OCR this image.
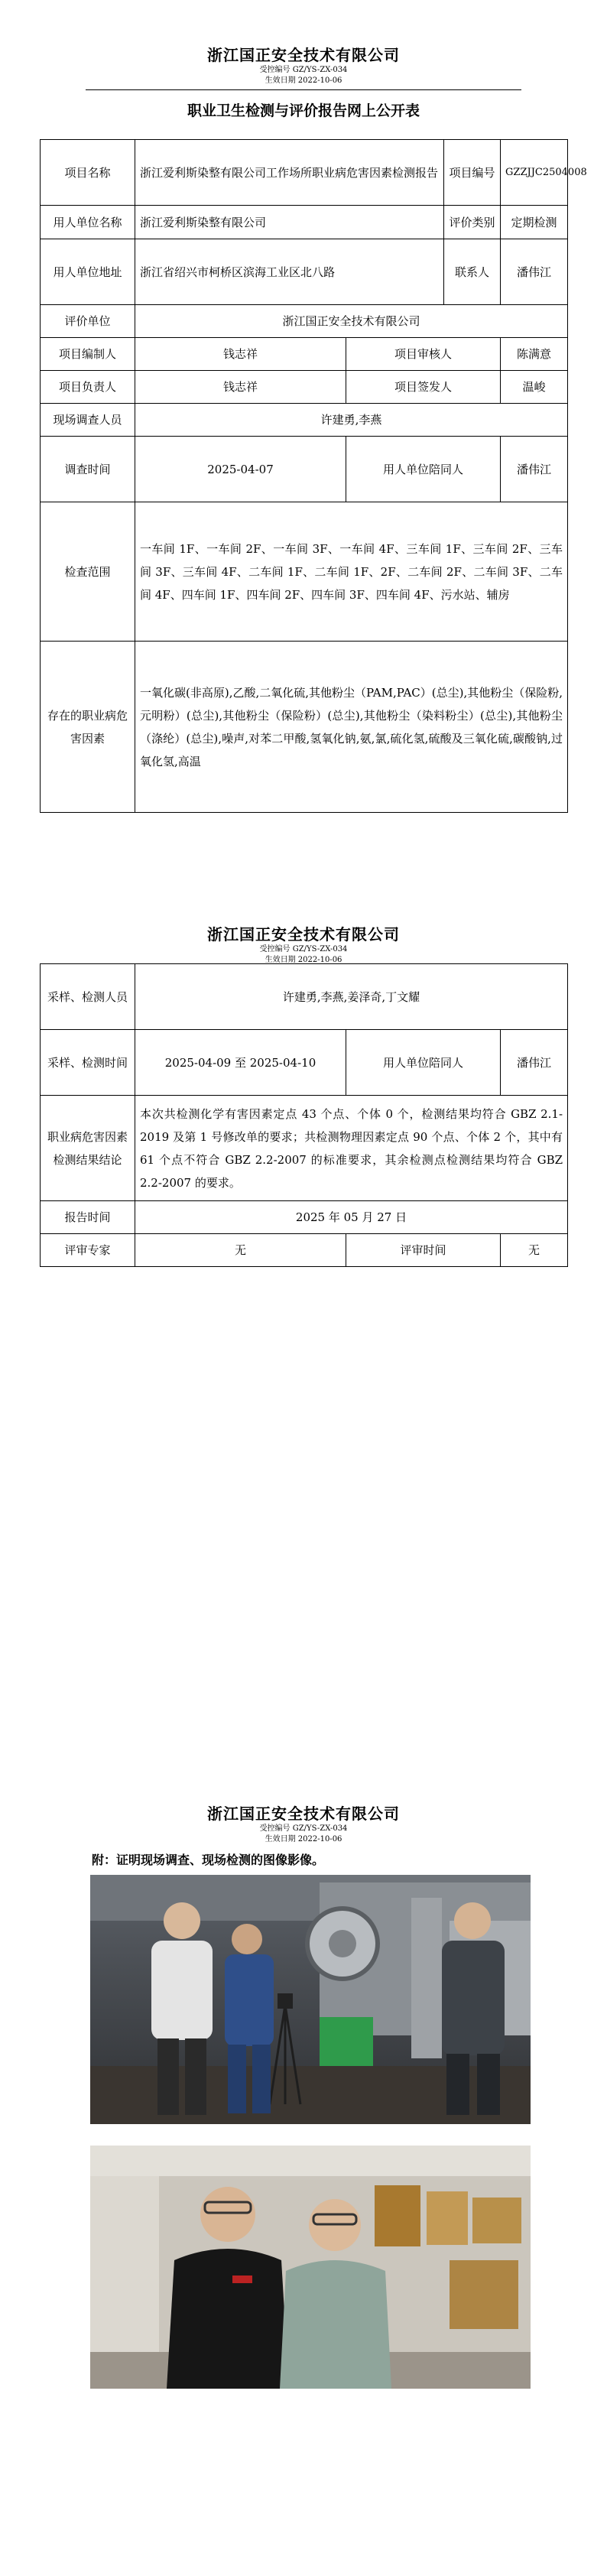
浙江国正安全技术有限公司
受控编号 GZ/YS-ZX-034
生效日期 2022-10-06
职业卫生检测与评价报告网上公开表
项目名称	浙江爱利斯染整有限公司工作场所职业病危害因素检测报告		项目编号	GZZJJC2504008
用人单位名称	浙江爱利斯染整有限公司		评价类别	定期检测
用人单位地址	浙江省绍兴市柯桥区滨海工业区北八路		联系人	潘伟江
评价单位	浙江国正安全技术有限公司			
项目编制人	钱志祥	项目审核人		陈满意
项目负责人	钱志祥	项目签发人		温峻
现场调查人员	许建勇,李燕			
调查时间	2025-04-07	用人单位陪同人		潘伟江
检查范围	一车间 1F、一车间 2F、一车间 3F、一车间 4F、三车间 1F、三车间 2F、三车间 3F、三车间 4F、二车间 1F、二车间 1F、2F、二车间 2F、二车间 3F、二车间 4F、四车间 1F、四车间 2F、四车间 3F、四车间 4F、污水站、辅房			
存在的职业病危害因素	一氧化碳(非高原),乙酸,二氧化硫,其他粉尘（PAM,PAC）(总尘),其他粉尘（保险粉,元明粉）(总尘),其他粉尘（保险粉）(总尘),其他粉尘（染料粉尘）(总尘),其他粉尘（涤纶）(总尘),噪声,对苯二甲酸,氢氧化钠,氨,氯,硫化氢,硫酸及三氧化硫,碳酸钠,过氧化氢,高温			
浙江国正安全技术有限公司
受控编号 GZ/YS-ZX-034
生效日期 2022-10-06
采样、检测人员	许建勇,李燕,姜泽奇,丁文耀		
采样、检测时间	2025-04-09 至 2025-04-10	用人单位陪同人	潘伟江
职业病危害因素检测结果结论	本次共检测化学有害因素定点 43 个点、个体 0 个，检测结果均符合 GBZ 2.1-2019 及第 1 号修改单的要求；共检测物理因素定点 90 个点、个体 2 个，其中有 61 个点不符合 GBZ 2.2-2007 的标准要求，其余检测点检测结果均符合 GBZ 2.2-2007 的要求。		
报告时间	2025 年 05 月 27 日		
评审专家	无	评审时间	无
浙江国正安全技术有限公司
受控编号 GZ/YS-ZX-034
生效日期 2022-10-06
附：证明现场调查、现场检测的图像影像。
